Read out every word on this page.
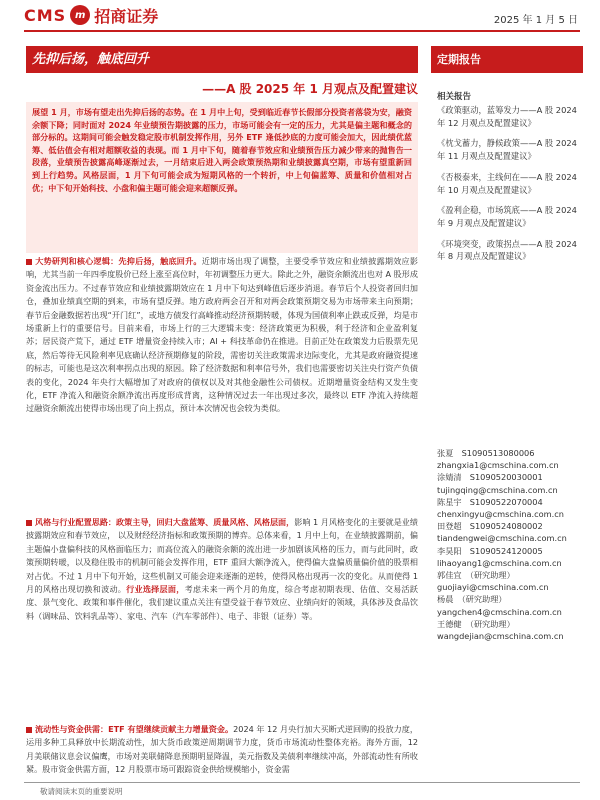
CMS m 招商证券	2025 年 1 月 5 日
先抑后扬，触底回升
——A 股 2025 年 1 月观点及配置建议
展望 1 月，市场有望走出先抑后扬的态势。在 1 月中上旬，受到临近春节长假部分投资者落袋为安，融资余额下降；同时面对 2024 年业绩预告期披露的压力，市场可能会有一定的压力，尤其是偏主题和概念的部分标的。这期间可能会触发稳定股市机制发挥作用，另外 ETF 逢低抄底的力度可能会加大，因此绩优蓝筹、低估值会有相对超额收益的表现。而 1 月中下旬，随着春节效应和业绩预告压力减少带来的抛售告一段落，业绩预告披露高峰逐渐过去，一月结束后进入两会政策预热期和业绩披露真空期，市场有望重新回到上行趋势。风格层面，1 月下旬可能会成为短期风格的一个转折，中上旬偏蓝筹、质量和价值相对占优；中下旬开始科技、小盘和偏主题可能会迎来超额反弹。
大势研判和核心逻辑：先抑后扬，触底回升。近期市场出现了调整，主要受季节效应和业绩披露期效应影响，尤其当前一年四季度股价已经上涨至高位时，年初调整压力更大。除此之外，融资余额流出也对 A 股形成资金流出压力。不过春节效应和业绩披露期效应在 1 月中下旬达到峰值后逐步消退。春节后个人投资者回归加仓，叠加业绩真空期的到来，市场有望反弹。地方政府两会召开和对两会政策预期交易为市场带来主向预期；春节后金融数据若出现“开门红”，或地方债发行高峰推动经济预期转暖，体现为国债利率止跌或反弹，均是市场重新上行的重要信号。目前来看，市场上行的三大逻辑未变：经济政策更为积极，利于经济和企业盈利复苏；居民资产荒下，通过 ETF 增量资金持续入市；AI + 科技革命仍在推进。目前正处在政策发力后股票先见底，然后等待无风险利率见底确认经济预期修复的阶段，需密切关注政策需求边际变化，尤其是政府融资提速的标志，可能也是这次利率拐点出现的原因。除了经济数据和利率信号外，我们也需要密切关注央行资产负债表的变化，2024 年央行大幅增加了对政府的债权以及对其他金融性公司债权。近期增量资金结构又发生变化，ETF 净流入和融资余额净流出再度形成背离，这种情况过去一年出现过多次，最终以 ETF 净流入持续超过融资余额流出使得市场出现了向上拐点，预计本次情况也会较为类似。
风格与行业配置思路：政策主导，回归大盘蓝筹、质量风格、风格层面，影响 1 月风格变化的主要就是业绩披露期效应和春节效应， 以及财经经济指标和政策预期的博弈。总体来看，1 月中上旬，在业绩披露期前，偏主题偏小盘偏科技的风格面临压力；而高位流入的融资余额的流出进一步加剧该风格的压力，而与此同时，政策预期转暖，以及稳住股市的机制可能会发挥作用，ETF 重回大额净流入，使得偏大盘偏质量偏价值的股票相对占优。不过 1 月中下旬开始，这些机制又可能会迎来逐渐的逆转，使得风格出现再一次的变化。从而使得 1 月的风格出现切换和波动。行业选择层面，考虑未来一两个月的角度，综合考虑初期表现、估值、交易活跃度、景气变化、政策和事件催化，我们建议重点关注有望受益于春节效应、业绩向好的领域，具体涉及食品饮料（调味品、饮料乳品等）、家电、汽车（汽车零部件）、电子、非银（证券）等。
流动性与资金供需：ETF 有望继续贡献主力增量资金。2024 年 12 月央行加大买断式逆回购的投放力度，运用多种工具释放中长期流动性，加大货币政策逆周期调节力度，货币市场流动性整体充裕。海外方面，12 月美联储议息会议偏鹰，市场对美联储降息预期明显降温，美元指数及美债利率继续冲高，外部流动性有所收紧。股市资金供需方面，12 月股票市场可跟踪资金供给规模缩小，资金需
定期报告
相关报告
《政策驱动，蓝筹发力——A 股 2024 年 12 月观点及配置建议》
《枕戈蓄力，静候政策——A 股 2024 年 11 月观点及配置建议》
《否极泰来，主线何在——A 股 2024 年 10 月观点及配置建议》
《盈利企稳，市场筑底——A 股 2024 年 9 月观点及配置建议》
《环境突变，政策拐点——A 股 2024 年 8 月观点及配置建议》
张夏　S1090513080006
zhangxia1@cmschina.com.cn
涂婧清　S1090520030001
tujingqing@cmschina.com.cn
陈星宇　S1090522070004
chenxingyu@cmschina.com.cn
田登超　S1090524080002
tiandengwei@cmschina.com.cn
李昊阳　S1090524120005
lihaoyang1@cmschina.com.cn
郭佳宜　（研究助理）
guojiayi@cmschina.com.cn
杨晨　（研究助理）
yangchen4@cmschina.com.cn
王德健　（研究助理）
wangdejian@cmschina.com.cn
敬请阅读末页的重要说明
